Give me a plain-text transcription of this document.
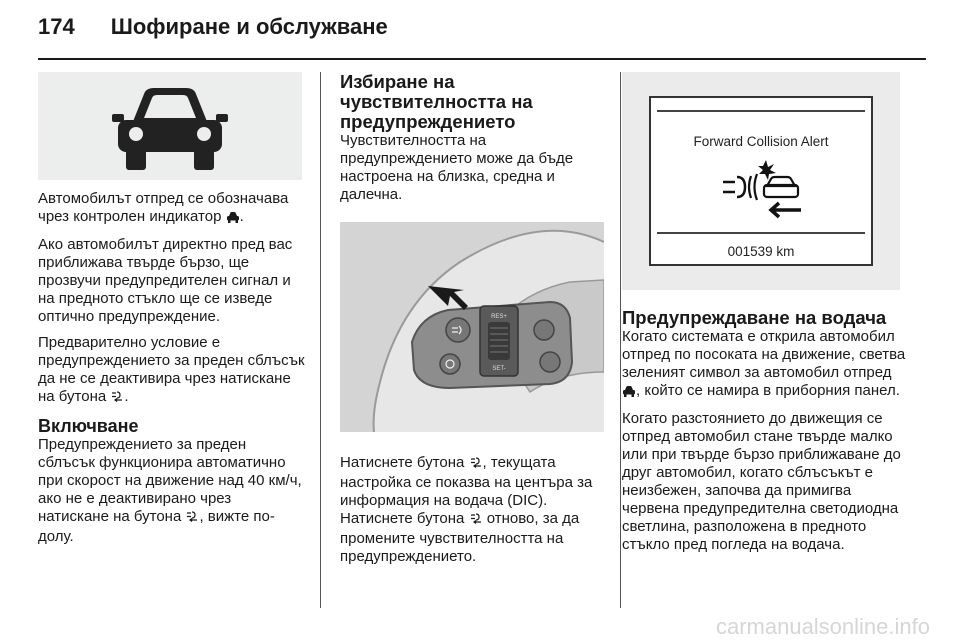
174 Шофиране и обслужване

Автомобилът отпред се обозначава чрез контролен индикатор .

Ако автомобилът директно пред вас приближава твърде бързо, ще прозвучи предупредителен сигнал и на предното стъкло ще се изведе оптично предупреждение.

Предварително условие е предупреждението за преден сблъсък да не се деактивира чрез натискане на бутона .

Включване

Предупреждението за преден сблъсък функционира автоматично при скорост на движение над 40 км/ч, ако не е деактивирано чрез натискане на бутона , вижте по-долу.

Избиране на чувствителността на предупреждението

Чувствителността на предупреждението може да бъде настроена на близка, средна и далечна.

RES+
SET-

Натиснете бутона , текущата настройка се показва на центъра за информация на водача (DIC). Натиснете бутона  отново, за да промените чувствителността на предупреждението.

Forward Collision Alert
001539 km
Предупреждаване на водача

Когато системата е открила автомобил отпред по посоката на движение, светва зеленият символ за автомобил отпред , който се намира в приборния панел.

Когато разстоянието до движещия се отпред автомобил стане твърде малко или при твърде бързо приближаване до друг автомобил, когато сблъсъкът е неизбежен, започва да примигва червена предупредителна светодиодна светлина, разположена в предното стъкло пред погледа на водача.

carmanualsonline.info
